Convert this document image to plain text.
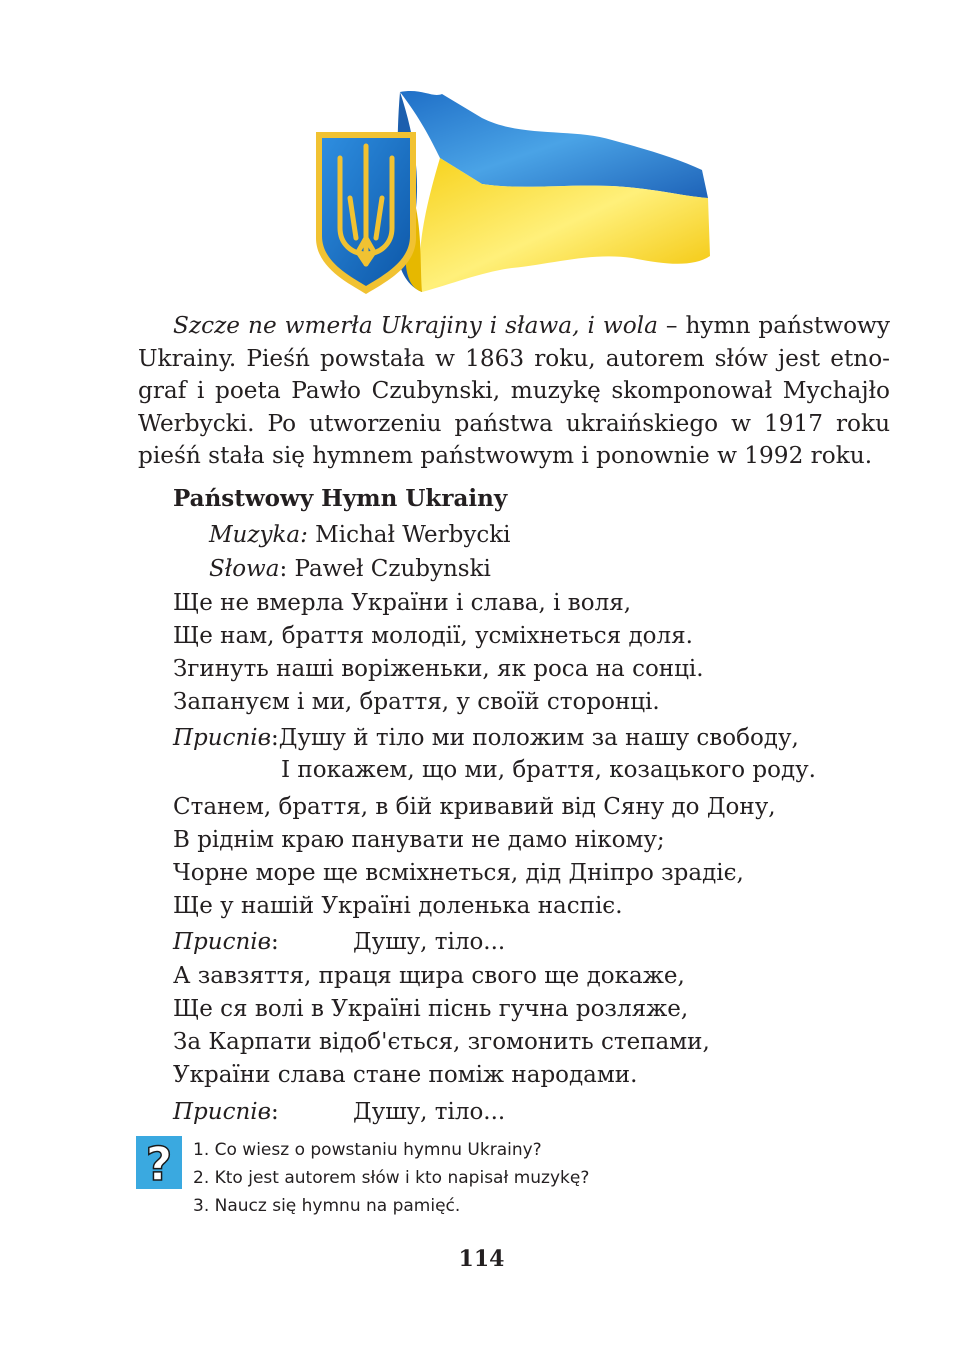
Szcze ne wmerła Ukrajiny i sława, i wola – hymn państwowy
Ukrainy. Pieśń powstała w 1863 roku, autorem słów jest etno-
graf i poeta Pawło Czubynski, muzykę skomponował Mychajło
Werbycki. Po utworzeniu państwa ukraińskiego w 1917 roku
pieśń stała się hymnem państwowym i ponownie w 1992 roku.
Państwowy Hymn Ukrainy
Muzyka: Michał Werbycki
Słowa: Paweł Czubynski
Ще не вмерла України і слава, і воля,
Ще нам, браття молодії, усміхнеться доля.
Згинуть наші воріженьки, як роса на сонці.
Запануєм і ми, браття, у своїй сторонці.
Приспів:Душу й тіло ми положим за нашу свободу,
І покажем, що ми, браття, козацького роду.
Станем, браття, в бій кривавий від Сяну до Дону,
В ріднім краю панувати не дамо нікому;
Чорне море ще всміхнеться, дід Дніпро зрадіє,
Ще у нашій Україні доленька наспіє.
Приспів:	Душу, тіло...
А завзяття, праця щира свого ще докаже,
Ще ся волі в Україні піснь гучна розляже,
За Карпати відоб'ється, згомонить степами,
України слава стане поміж народами.
Приспів:	Душу, тіло...
? 1. Co wiesz o powstaniu hymnu Ukrainy?
2. Kto jest autorem słów i kto napisał muzykę?
3. Naucz się hymnu na pamięć.
114
